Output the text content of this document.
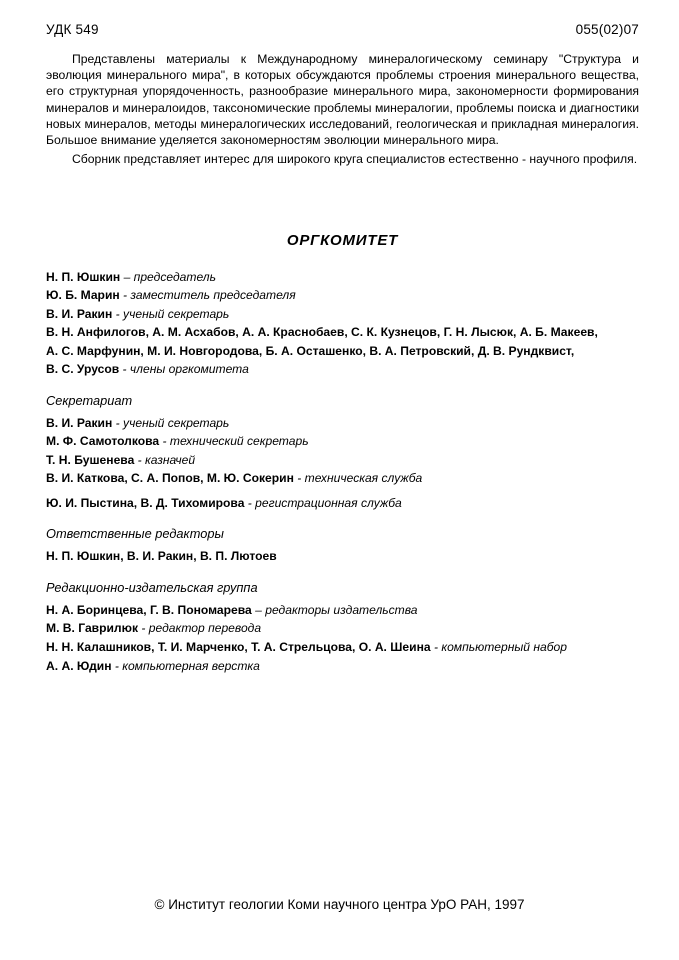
УДК 549	055(02)07

Представлены материалы к Международному минералогическому семинару "Структура и эволюция минерального мира", в которых обсуждаются проблемы строения минерального вещества, его структурная упорядоченность, разнообразие минерального мира, закономерности формирования минералов и минералоидов, таксономические проблемы минералогии, проблемы поиска и диагностики новых минералов, методы минералогических исследований, геологическая и прикладная минералогия. Большое внимание уделяется закономерностям эволюции минерального мира.

Сборник представляет интерес для широкого круга специалистов естественно - научного профиля.

ОРГКОМИТЕТ
Н. П. Юшкин – председатель
Ю. Б. Марин - заместитель председателя
В. И. Ракин - ученый секретарь
В. Н. Анфилогов, А. М. Асхабов, А. А. Краснобаев, С. К. Кузнецов, Г. Н. Лысюк, А. Б. Макеев,
А. С. Марфунин, М. И. Новгородова, Б. А. Осташенко, В. А. Петровский, Д. В. Рундквист,
В. С. Урусов - члены оргкомитета
Секретариат
В. И. Ракин - ученый секретарь
М. Ф. Самотолкова - технический секретарь
Т. Н. Бушенева - казначей
В. И. Каткова, С. А. Попов, М. Ю. Сокерин - техническая служба
Ю. И. Пыстина, В. Д. Тихомирова - регистрационная служба
Ответственные редакторы
Н. П. Юшкин, В. И. Ракин, В. П. Лютоев
Редакционно-издательская группа
Н. А. Боринцева, Г. В. Пономарева – редакторы издательства
М. В. Гаврилюк - редактор перевода
Н. Н. Калашников, Т. И. Марченко, Т. А. Стрельцова, О. А. Шеина - компьютерный набор
А. А. Юдин - компьютерная верстка
© Институт геологии Коми научного центра УрО РАН, 1997
